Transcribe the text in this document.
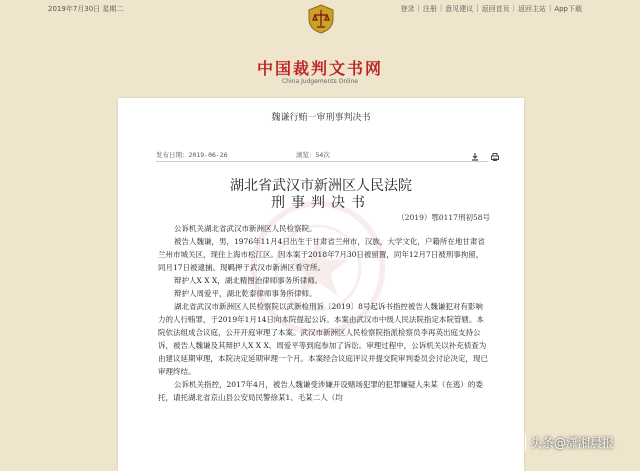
2019年7月30日 星期二	登录 | 注册 | 意见建议 | 返回首页 | 返回主站 | App下载
中国裁判文书网
China Judgements Online
魏谦行贿一审刑事判决书
发布日期：2019-06-26	浏览：54次
湖北省武汉市新洲区人民法院
刑事判决书
（2019）鄂0117刑初58号

公诉机关湖北省武汉市新洲区人民检察院。

被告人魏谦，男，1976年11月4日出生于甘肃省兰州市，汉族，大学文化，户籍所在地甘肃省兰州市城关区，现住上海市松江区。因本案于2018年7月30日被留置，同年12月7日被刑事拘留，同月17日被逮捕。现羁押于武汉市新洲区看守所。

辩护人X X X，湖北精图治律师事务所律师。

辩护人周爱平，湖北乾泰律师事务所律师。

湖北省武汉市新洲区人民检察院以武新检刑诉〔2019〕8号起诉书指控被告人魏谦犯对有影响力的人行贿罪，于2019年1月14日向本院提起公诉。本案由武汉市中级人民法院指定本院管辖。本院依法组成合议庭，公开开庭审理了本案。武汉市新洲区人民检察院指派检察员李再英出庭支持公诉，被告人魏谦及其辩护人X X X、周爱平等到庭参加了诉讼。审理过程中，公诉机关以补充侦查为由建议延期审理，本院决定延期审理一个月。本案经合议庭评议并提交院审判委员会讨论决定，现已审理终结。

公诉机关指控，2017年4月，被告人魏谦受涉嫌开设赌场犯罪的犯罪嫌疑人朱某（在逃）的委托，请托湖北省京山县公安局民警徐某1、毛某二人（均

头条@潇湘晨报
